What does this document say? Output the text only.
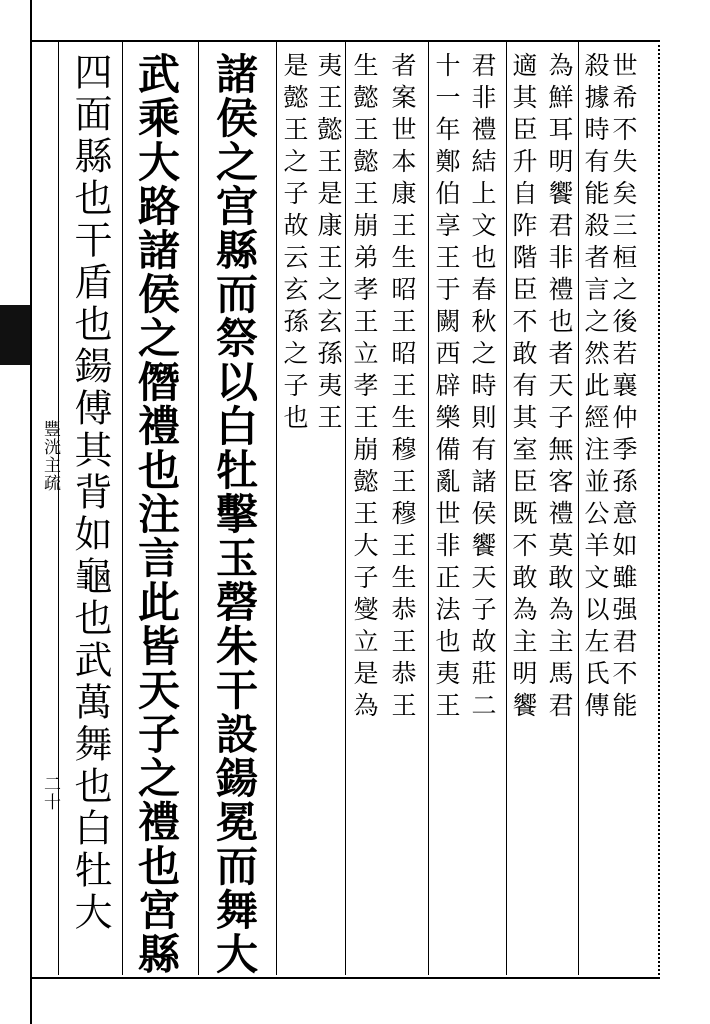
豐洸主疏
二十
世希不失矣三桓之後若襄仲季孫意如雖强君不能
殺據時有能殺者言之然此經注並公羊文以左氏傳
為鮮耳明饗君非禮也者天子無客禮莫敢為主馬君
適其臣升自阼階臣不敢有其室臣既不敢為主明饗
君非禮結上文也春秋之時則有諸侯饗天子故莊二
十一年鄭伯享王于闕西辟樂備亂世非正法也夷王
者案世本康王生昭王昭王生穆王穆王生恭王恭王
生懿王懿王崩弟孝王立孝王崩懿王大子燮立是為
夷王懿王是康王之玄孫夷王
是懿王之子故云玄孫之子也
諸侯之宫縣而祭以白牡擊玉磬朱干設鍚冕而舞大
武乘大路諸侯之僭禮也注言此皆天子之禮也宮縣
四面縣也干盾也鍚傅其背如龜也武萬舞也白牡大
